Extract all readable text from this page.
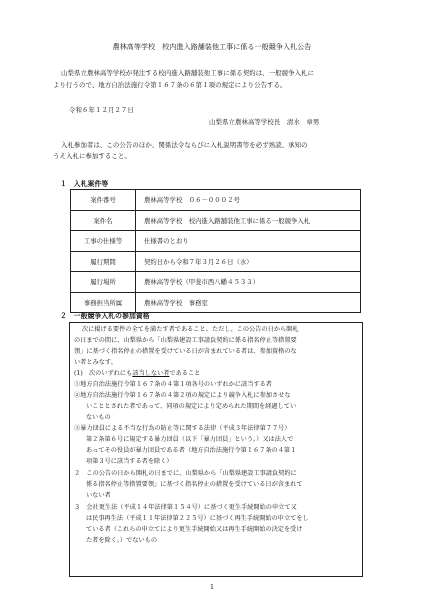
農林高等学校　校内進入路舗装他工事に係る一般競争入札公告
山梨県立農林高等学校が発注する校内進入路舗装他工事に係る契約は、一般競争入札に
より行うので、地方自治法施行令第１６７条の６第１項の規定により公告する。
令和６年１２月２７日
山梨県立農林高等学校長　清水　章男
入札参加者は、この公告のほか、関係法令ならびに入札説明書等を必ず熟読、承知の
うえ入札に参加すること。
１　入札案件等
案件番号	農林高等学校　０６－０００２号
案件名	農林高等学校　校内進入路舗装他工事に係る一般競争入札
工事の仕様等	仕様書のとおり
履行期間	契約日から令和７年３月２６日（水）
履行場所	農林高等学校（甲斐市西八幡４５３３）
事務担当所属	農林高等学校　事務室
２　一般競争入札の参加資格
次に掲げる要件の全てを満たす者であること。ただし、この公告の日から開札
の日までの間に、山梨県から「山梨県建設工事請負契約に係る指名停止等措置要
領」に基づく指名停止の措置を受けている日が含まれている者は、参加資格のな
い者とみなす。
(1)　次のいずれにも該当しない者であること
①地方自治法施行令第１６７条の４第１項各号のいずれかに該当する者
②地方自治法施行令第１６７条の４第２項の規定により競争入札に参加させな
いこととされた者であって、同項の規定により定められた期間を経過してい
ないもの
③暴力団員による不当な行為の防止等に関する法律（平成３年法律第７７号）
第２条第６号に規定する暴力団員（以下「暴力団員」という。）又は法人で
あってその役員が暴力団員である者（地方自治法施行令第１６７条の４第１
項第３号に該当する者を除く）
２　この公告の日から開札の日までに、山梨県から「山梨県建設工事請負契約に
係る指名停止等措置要領」に基づく指名停止の措置を受けている日が含まれて
いない者
３　会社更生法（平成１４年法律第１５４号）に基づく更生手続開始の申立て又
は民事再生法（平成１１年法律第２２５号）に基づく再生手続開始の申立てをし
ている者（これらの申立てにより更生手続開始又は再生手続開始の決定を受け
た者を除く。）でないもの
1
